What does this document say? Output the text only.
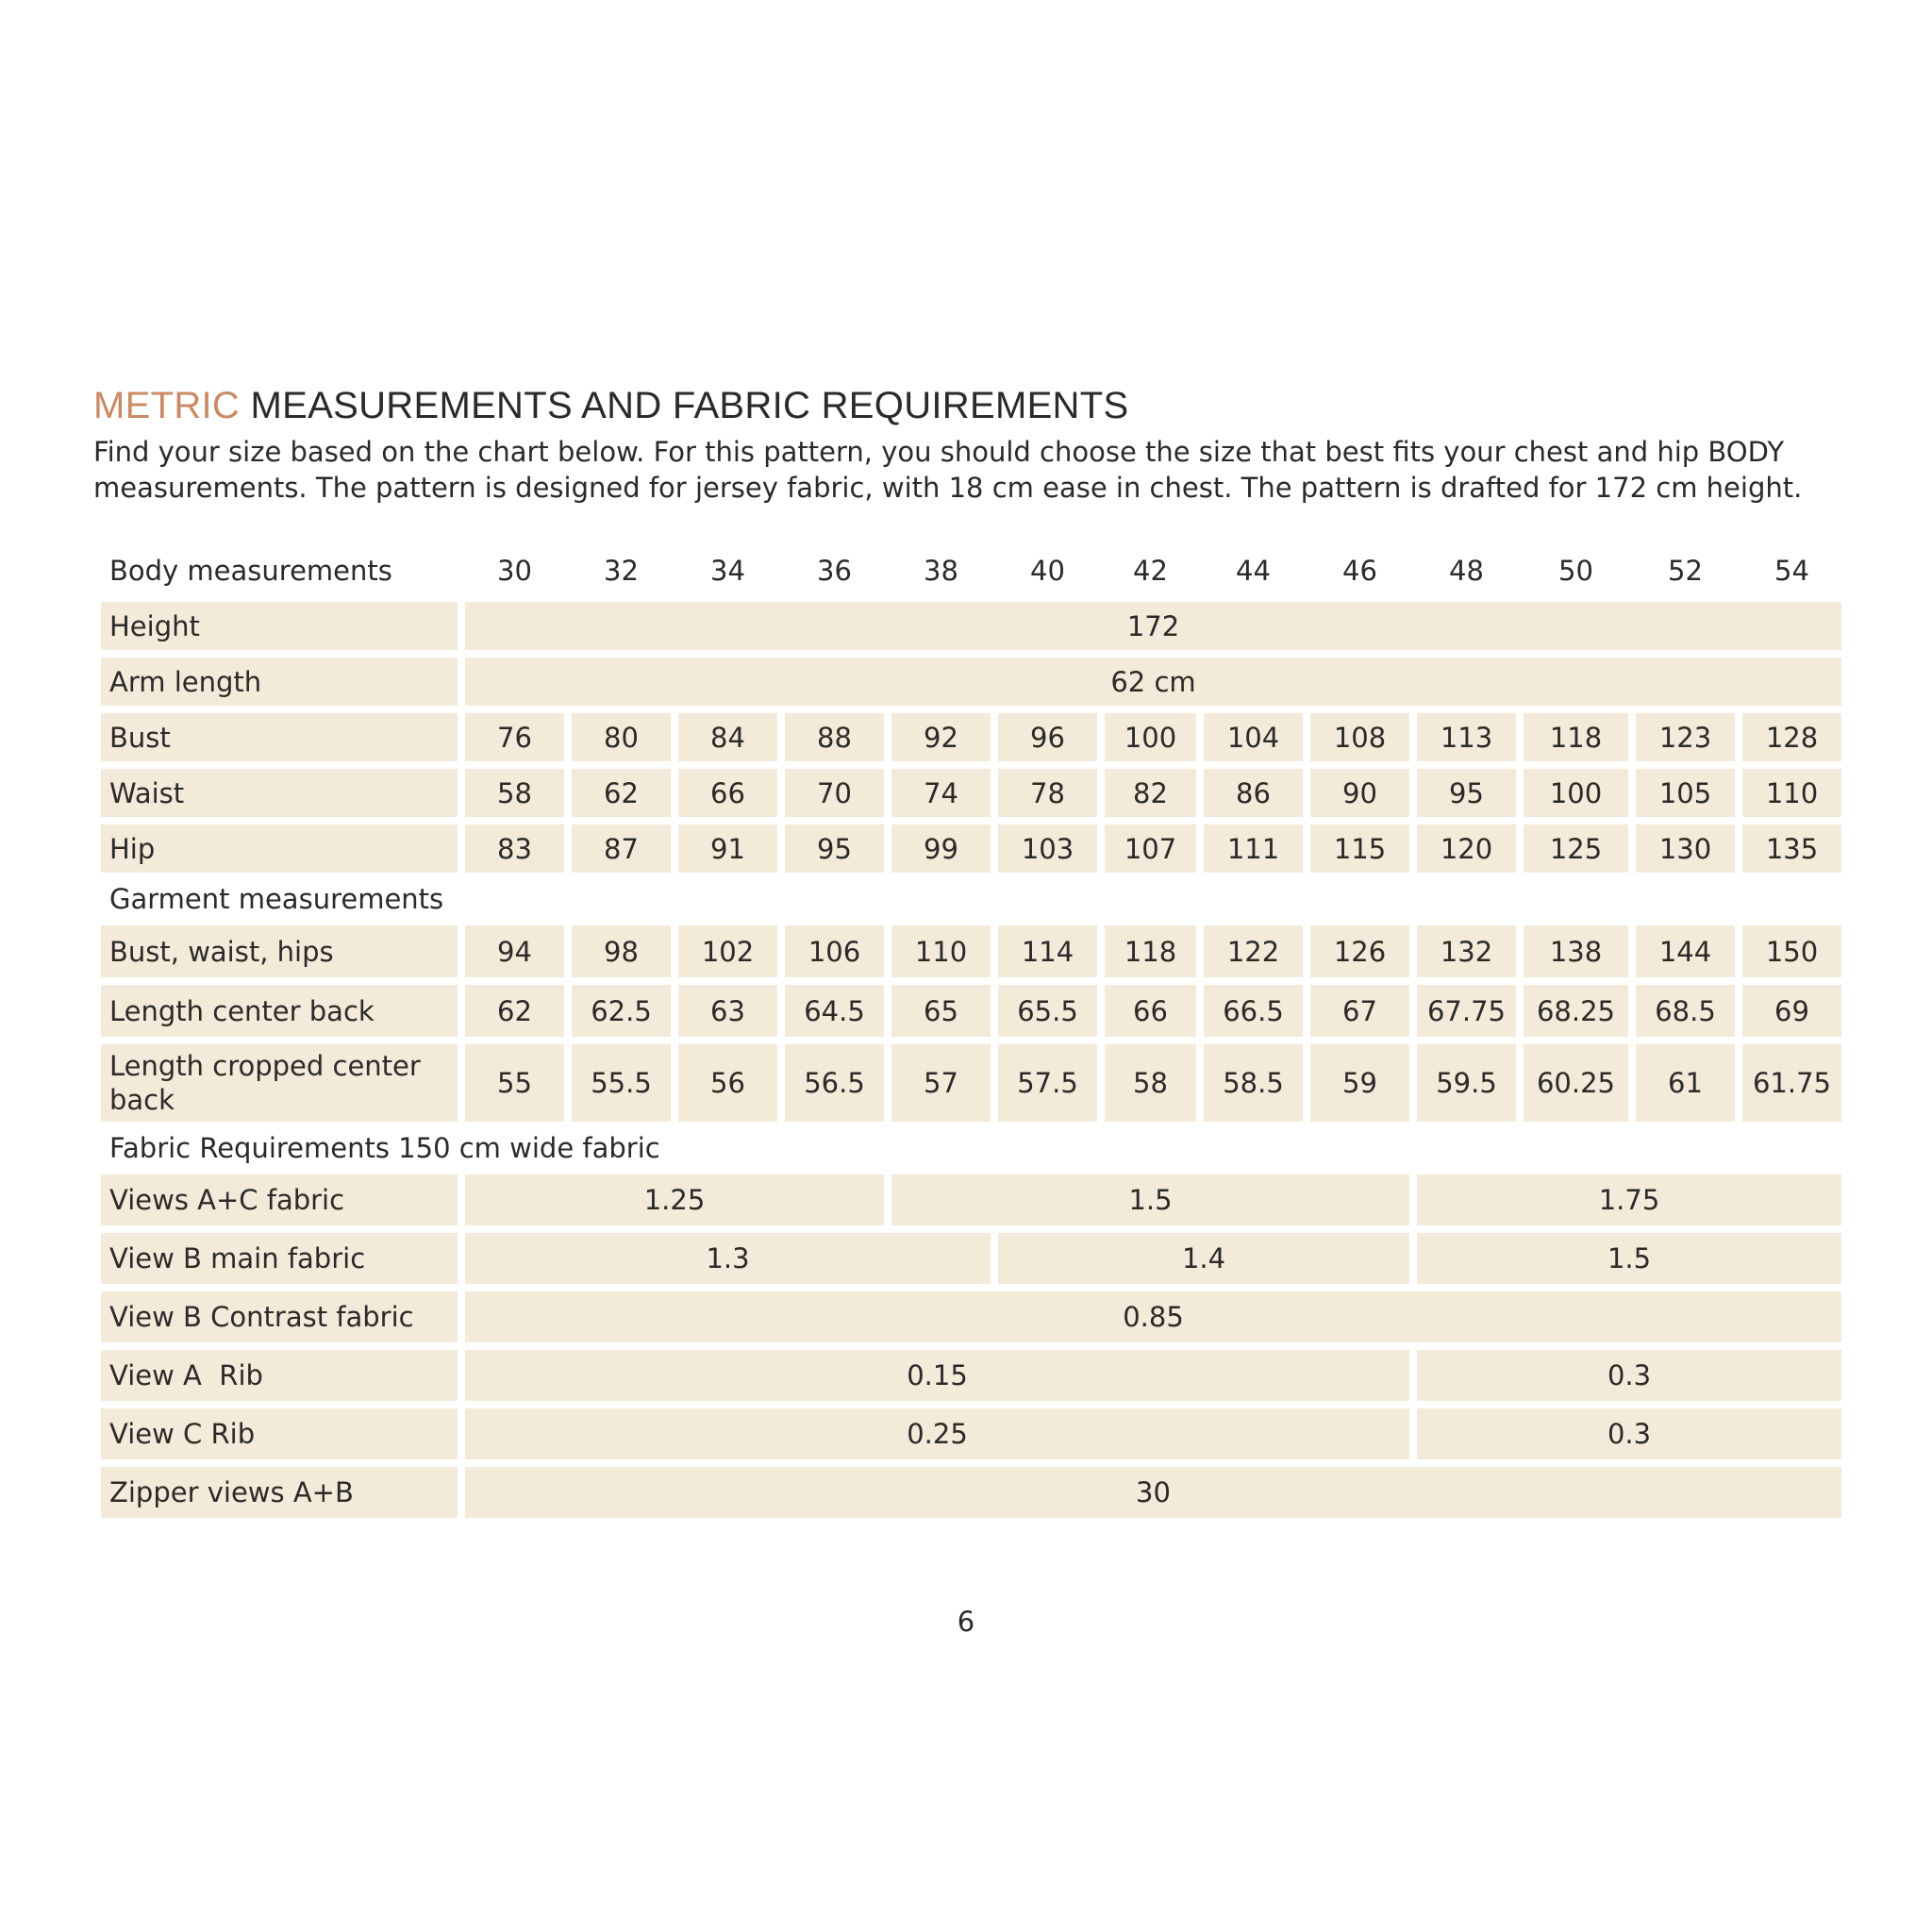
METRIC MEASUREMENTS AND FABRIC REQUIREMENTS

Find your size based on the chart below. For this pattern, you should choose the size that best fits your chest and hip BODY
measurements. The pattern is designed for jersey fabric, with 18 cm ease in chest. The pattern is drafted for 172 cm height.

Body measurements	30	32	34	36	38	40	42	44	46	48	50	52	54
Height	172												
Arm length	62 cm												
Bust	76	80	84	88	92	96	100	104	108	113	118	123	128
Waist	58	62	66	70	74	78	82	86	90	95	100	105	110
Hip	83	87	91	95	99	103	107	111	115	120	125	130	135
Garment measurements													
Bust, waist, hips	94	98	102	106	110	114	118	122	126	132	138	144	150
Length center back	62	62.5	63	64.5	65	65.5	66	66.5	67	67.75	68.25	68.5	69
Length cropped center back	55	55.5	56	56.5	57	57.5	58	58.5	59	59.5	60.25	61	61.75
Fabric Requirements 150 cm wide fabric													
Views A+C fabric	1.25				1.5					1.75			
View B main fabric	1.3					1.4				1.5			
View B Contrast fabric	0.85												
View A  Rib	0.15									0.3			
View C Rib	0.25									0.3			
Zipper views A+B	30												
6
